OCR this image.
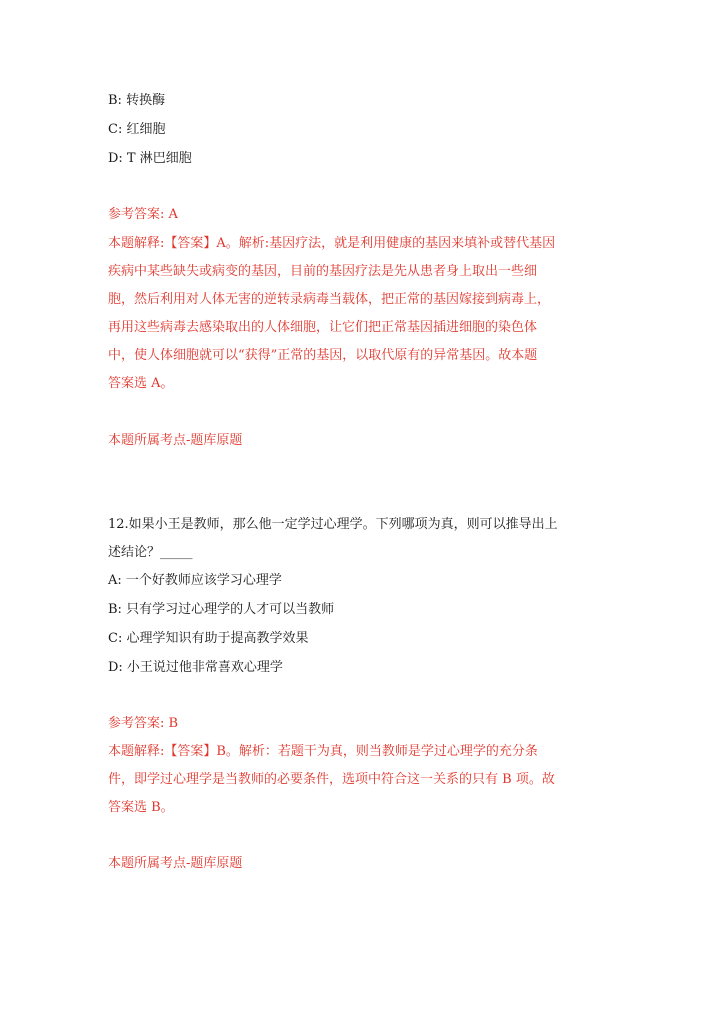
B: 转换酶
C: 红细胞
D: T 淋巴细胞
参考答案: A
本题解释:【答案】A。解析:基因疗法，就是利用健康的基因来填补或替代基因
疾病中某些缺失或病变的基因，目前的基因疗法是先从患者身上取出一些细
胞，然后利用对人体无害的逆转录病毒当载体，把正常的基因嫁接到病毒上，
再用这些病毒去感染取出的人体细胞，让它们把正常基因插进细胞的染色体
中，使人体细胞就可以“获得”正常的基因，以取代原有的异常基因。故本题
答案选 A。
本题所属考点-题库原题
12.如果小王是教师，那么他一定学过心理学。下列哪项为真，则可以推导出上
述结论？_____
A: 一个好教师应该学习心理学
B: 只有学习过心理学的人才可以当教师
C: 心理学知识有助于提高教学效果
D: 小王说过他非常喜欢心理学
参考答案: B
本题解释:【答案】B。解析：若题干为真，则当教师是学过心理学的充分条
件，即学过心理学是当教师的必要条件，选项中符合这一关系的只有 B 项。故
答案选 B。
本题所属考点-题库原题
